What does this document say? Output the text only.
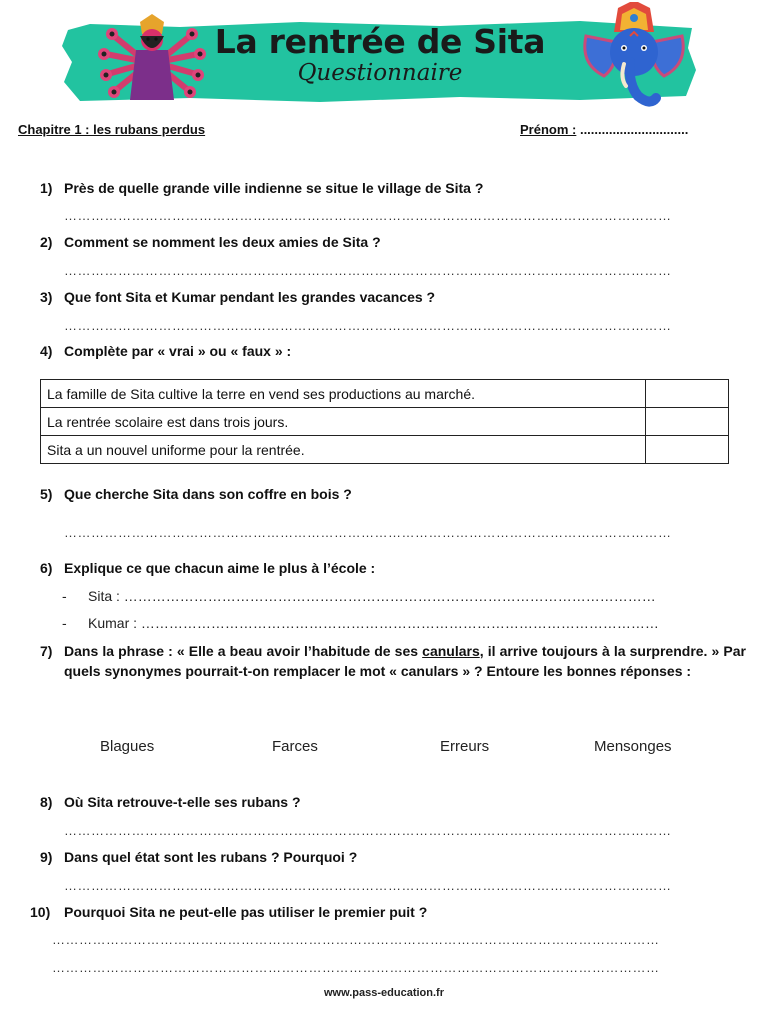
La rentrée de Sita
Questionnaire
Chapitre 1 : les rubans perdus	Prénom : ..............................
1) Près de quelle grande ville indienne se situe le village de Sita ?
………………………………………………………………………………………………………………………
2) Comment se nomment les deux amies de Sita ?
………………………………………………………………………………………………………………………
3) Que font Sita et Kumar pendant les grandes vacances ?
………………………………………………………………………………………………………………………
4) Complète par « vrai » ou « faux » :
La famille de Sita cultive la terre en vend ses productions au marché.	
La rentrée scolaire est dans trois jours.	
Sita a un nouvel uniforme pour la rentrée.	
5) Que cherche Sita dans son coffre en bois ?
………………………………………………………………………………………………………………………
6) Explique ce que chacun aime le plus à l’école :
- Sita : ……………………………………………………………………………………………………
- Kumar : …………………………………………………………………………………………………
7) Dans la phrase : « Elle a beau avoir l’habitude de ses canulars, il arrive toujours à la surprendre. » Par quels synonymes pourrait-t-on remplacer le mot « canulars » ? Entoure les bonnes réponses :
Blagues	Farces	Erreurs	Mensonges
8) Où Sita retrouve-t-elle ses rubans ?
………………………………………………………………………………………………………………………
9) Dans quel état sont les rubans ? Pourquoi ?
………………………………………………………………………………………………………………………
10) Pourquoi Sita ne peut-elle pas utiliser le premier puit ?
………………………………………………………………………………………………………………………
………………………………………………………………………………………………………………………
www.pass-education.fr
